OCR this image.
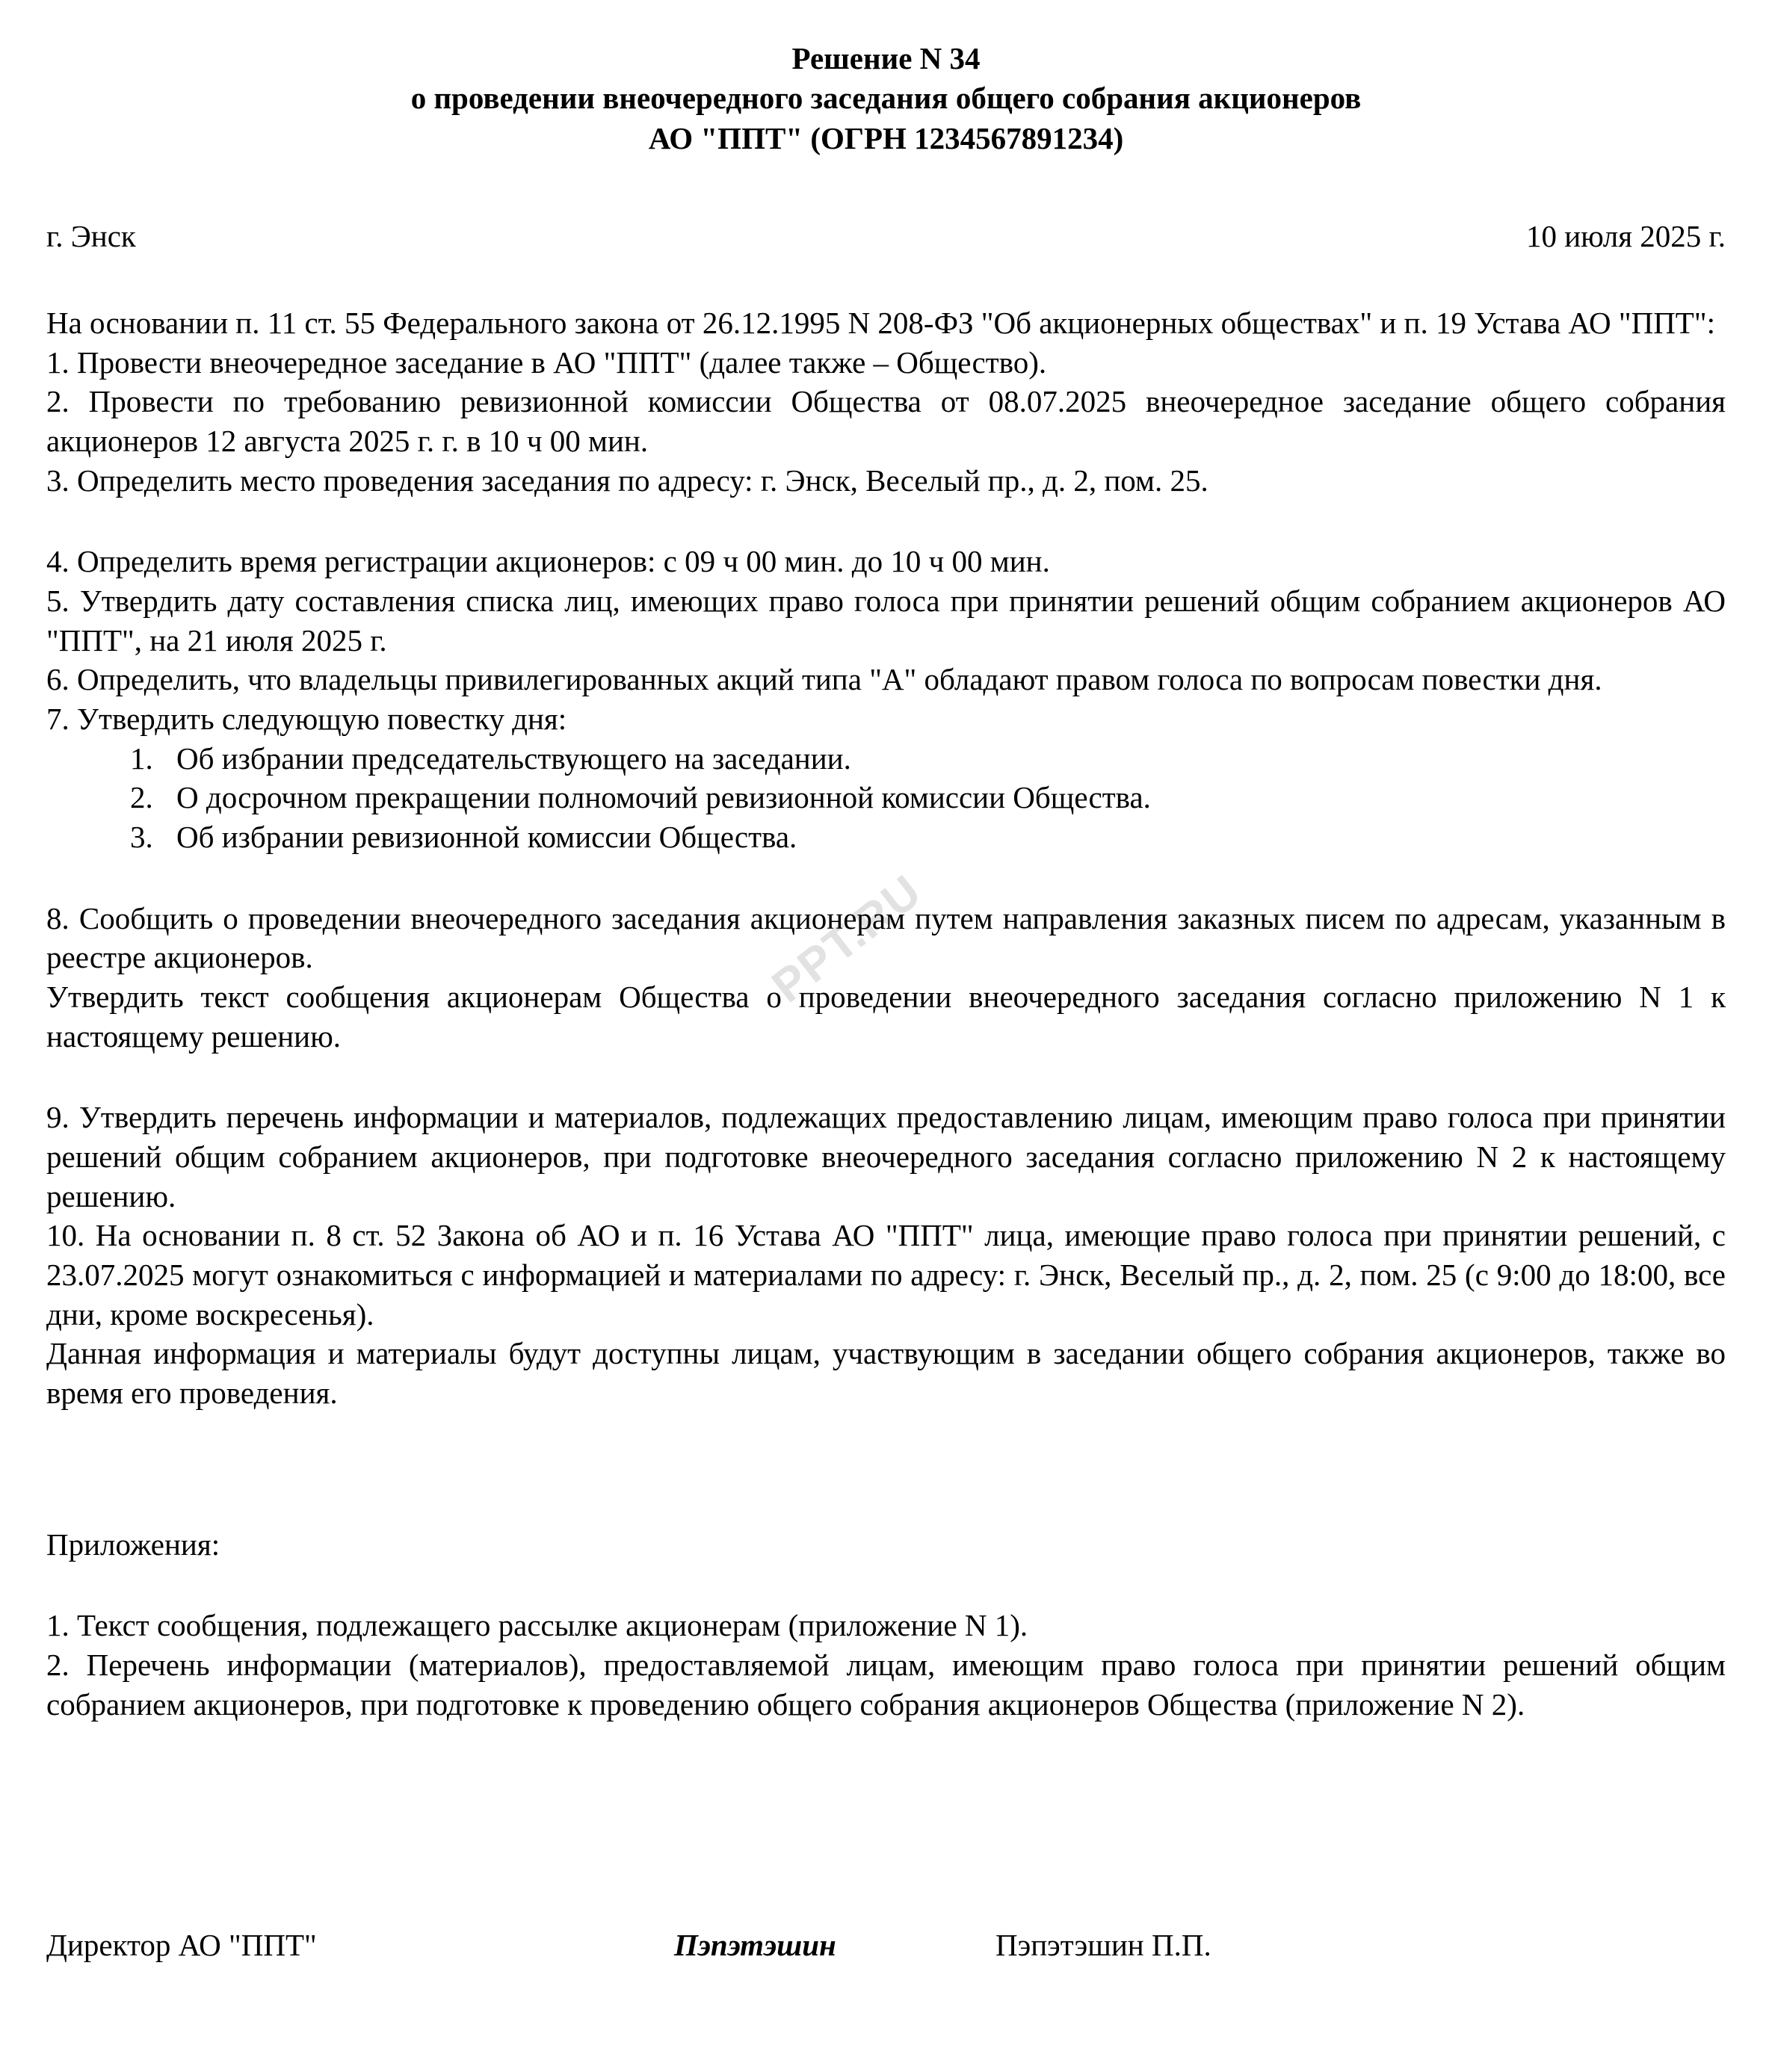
PPT.RU
Решение N 34
о проведении внеочередного заседания общего собрания акционеров
АО "ППТ" (ОГРН 1234567891234)
г. Энск	10 июля 2025 г.

На основании п. 11 ст. 55 Федерального закона от 26.12.1995 N 208-ФЗ "Об акционерных обществах" и п. 19 Устава АО "ППТ":

1. Провести внеочередное заседание в АО "ППТ" (далее также – Общество).

2. Провести по требованию ревизионной комиссии Общества от 08.07.2025 внеочередное заседание общего собрания акционеров 12 августа 2025 г. г. в 10 ч 00 мин.

3. Определить место проведения заседания по адресу: г. Энск, Веселый пр., д. 2, пом. 25.

4. Определить время регистрации акционеров: с 09 ч 00 мин. до 10 ч 00 мин.

5. Утвердить дату составления списка лиц, имеющих право голоса при принятии решений общим собранием акционеров АО "ППТ", на 21 июля 2025 г.

6. Определить, что владельцы привилегированных акций типа "А" обладают правом голоса по вопросам повестки дня.

7. Утвердить следующую повестку дня:

1. Об избрании председательствующего на заседании.
2. О досрочном прекращении полномочий ревизионной комиссии Общества.
3. Об избрании ревизионной комиссии Общества.

8. Сообщить о проведении внеочередного заседания акционерам путем направления заказных писем по адресам, указанным в реестре акционеров.

Утвердить текст сообщения акционерам Общества о проведении внеочередного заседания согласно приложению N 1 к настоящему решению.

9. Утвердить перечень информации и материалов, подлежащих предоставлению лицам, имеющим право голоса при принятии решений общим собранием акционеров, при подготовке внеочередного заседания согласно приложению N 2 к настоящему решению.

10. На основании п. 8 ст. 52 Закона об АО и п. 16 Устава АО "ППТ" лица, имеющие право голоса при принятии решений, с 23.07.2025 могут ознакомиться с информацией и материалами по адресу: г. Энск, Веселый пр., д. 2, пом. 25 (с 9:00 до 18:00, все дни, кроме воскресенья).

Данная информация и материалы будут доступны лицам, участвующим в заседании общего собрания акционеров, также во время его проведения.

Приложения:

1. Текст сообщения, подлежащего рассылке акционерам (приложение N 1).

2. Перечень информации (материалов), предоставляемой лицам, имеющим право голоса при принятии решений общим собранием акционеров, при подготовке к проведению общего собрания акционеров Общества (приложение N 2).

Директор АО "ППТ"	Пэпэтэшин	Пэпэтэшин П.П.
